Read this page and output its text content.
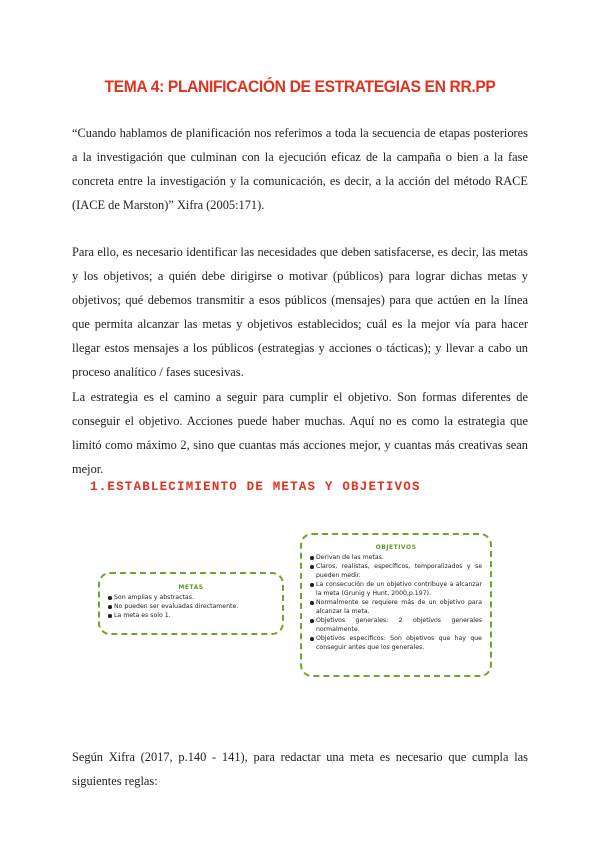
TEMA 4: PLANIFICACIÓN DE ESTRATEGIAS EN RR.PP

“Cuando hablamos de planificación nos referimos a toda la secuencia de etapas posteriores a la investigación que culminan con la ejecución eficaz de la campaña o bien a la fase concreta entre la investigación y la comunicación, es decir, a la acción del método RACE (IACE de Marston)” Xifra (2005:171).

Para ello, es necesario identificar las necesidades que deben satisfacerse, es decir, las metas y los objetivos; a quién debe dirigirse o motivar (públicos) para lograr dichas metas y objetivos; qué debemos transmitir a esos públicos (mensajes) para que actúen en la línea que permita alcanzar las metas y objetivos establecidos; cuál es la mejor vía para hacer llegar estos mensajes a los públicos (estrategias y acciones o tácticas); y llevar a cabo un proceso analítico / fases sucesivas.

La estrategia es el camino a seguir para cumplir el objetivo. Son formas diferentes de conseguir el objetivo. Acciones puede haber muchas. Aquí no es como la estrategia que limitó como máximo 2, sino que cuantas más acciones mejor, y cuantas más creativas sean mejor.

1.ESTABLECIMIENTO DE METAS Y OBJETIVOS
METAS
Son amplias y abstractas.
No pueden ser evaluadas directamente.
La meta es solo 1.
OBJETIVOS
Derivan de las metas.
Claros, realistas, específicos, temporalizados y se pueden medir.
La consecución de un objetivo contribuye a alcanzar la meta (Grunig y Hunt, 2000,p.197).
Normalmente se requiere más de un objetivo para alcanzar la meta.
Objetivos generales: 2 objetivos generales normalmente.
Objetivos específicos: Son objetivos que hay que conseguir antes que los generales.

Según Xifra (2017, p.140 - 141), para redactar una meta es necesario que cumpla las siguientes reglas:
